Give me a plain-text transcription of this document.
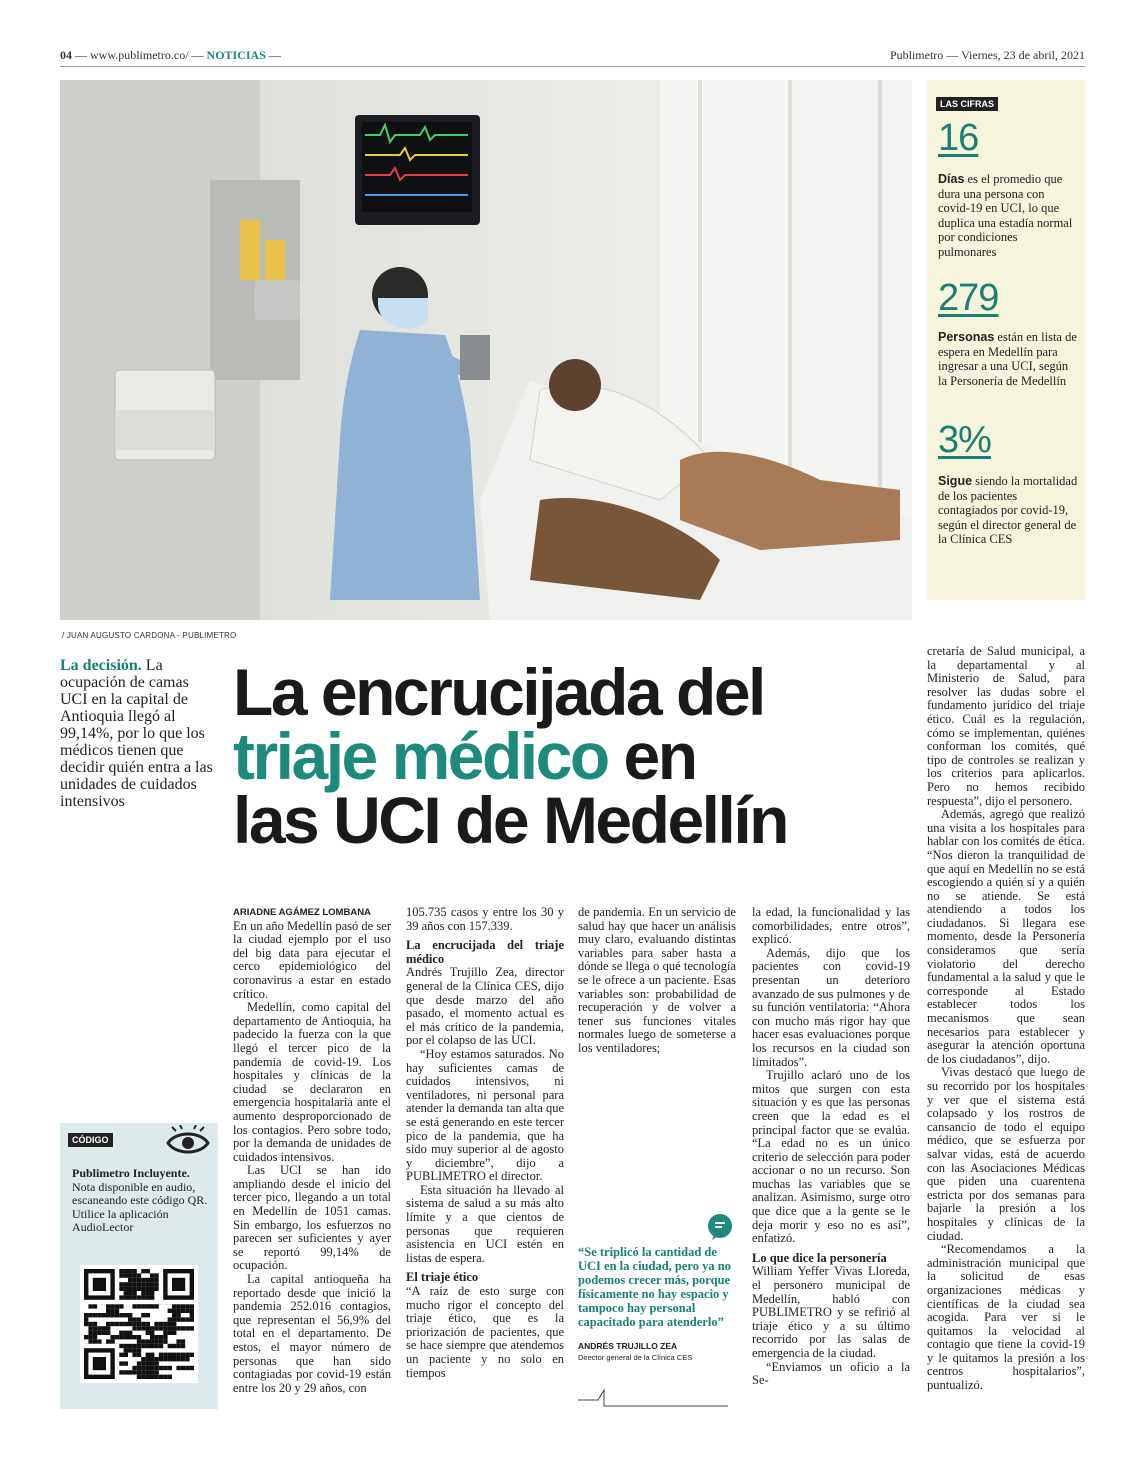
04 — www.publimetro.co/ — NOTICIAS —	Publimetro — Viernes, 23 de abril, 2021
/ JUAN AUGUSTO CARDONA - PUBLIMETRO
LAS CIFRAS
16
Días es el promedio que dura una persona con covid-19 en UCI, lo que duplica una estadía normal por condiciones pulmonares
279
Personas están en lista de espera en Medellín para ingresar a una UCI, según la Personería de Medellín
3%
Sigue siendo la mortalidad de los pacientes contagiados por covid-19, según el director general de la Clínica CES
La decisión. La ocupación de camas UCI en la capital de Antioquia llegó al 99,14%, por lo que los médicos tienen que decidir quién entra a las unidades de cuidados intensivos
La encrucijada del
triaje médico en
las UCI de Medellín
ARIADNE AGÁMEZ LOMBANA

En un año Medellín pasó de ser la ciudad ejemplo por el uso del big data para ejecutar el cerco epidemiológico del coronavirus a estar en estado crítico.

Medellín, como capital del departamento de Antioquia, ha padecido la fuerza con la que llegó el tercer pico de la pandemia de covid-19. Los hospitales y clínicas de la ciudad se declararon en emergencia hospitalaria ante el aumento desproporcionado de los contagios. Pero sobre todo, por la demanda de unidades de cuidados intensivos.

Las UCI se han ido ampliando desde el inicio del tercer pico, llegando a un total en Medellín de 1051 camas. Sin embargo, los esfuerzos no parecen ser suficientes y ayer se reportó 99,14% de ocupación.

La capital antioqueña ha reportado desde que inició la pandemia 252.016 contagios, que representan el 56,9% del total en el departamento. De estos, el mayor número de personas que han sido contagiadas por covid-19 están entre los 20 y 29 años, con

105.735 casos y entre los 30 y 39 años con 157.339.

La encrucijada del triaje médico

Andrés Trujillo Zea, director general de la Clínica CES, dijo que desde marzo del año pasado, el momento actual es el más crítico de la pandemia, por el colapso de las UCI.

“Hoy estamos saturados. No hay suficientes camas de cuidados intensivos, ni ventiladores, ni personal para atender la demanda tan alta que se está generando en este tercer pico de la pandemia, que ha sido muy superior al de agosto y diciembre”, dijo a PUBLIMETRO el director.

Esta situación ha llevado al sistema de salud a su más alto límite y a que cientos de personas que requieren asistencia en UCI estén en listas de espera.

El triaje ético

“A raíz de esto surge con mucho rigor el concepto del triaje ético, que es la priorización de pacientes, que se hace siempre que atendemos un paciente y no solo en tiempos

de pandemia. En un servicio de salud hay que hacer un análisis muy claro, evaluando distintas variables para saber hasta a dónde se llega o qué tecnología se le ofrece a un paciente. Esas variables son: probabilidad de recuperación y de volver a tener sus funciones vitales normales luego de someterse a los ventiladores;

“Se triplicó la cantidad de UCI en la ciudad, pero ya no podemos crecer más, porque físicamente no hay espacio y tampoco hay personal capacitado para atenderlo”
ANDRÉS TRUJILLO ZEA
Director general de la Clínica CES

la edad, la funcionalidad y las comorbilidades, entre otros”, explicó.

Además, dijo que los pacientes con covid-19 presentan un deterioro avanzado de sus pulmones y de su función ventilatoria: “Ahora con mucho más rigor hay que hacer esas evaluaciones porque los recursos en la ciudad son limitados”.

Trujillo aclaró uno de los mitos que surgen con esta situación y es que las personas creen que la edad es el principal factor que se evalúa. “La edad no es un único criterio de selección para poder accionar o no un recurso. Son muchas las variables que se analizan. Asimismo, surge otro que dice que a la gente se le deja morir y eso no es así”, enfatizó.

Lo que dice la personería

William Yeffer Vivas Lloreda, el personero municipal de Medellín, habló con PUBLIMETRO y se refirió al triaje ético y a su último recorrido por las salas de emergencia de la ciudad.

“Enviamos un oficio a la Se-

cretaría de Salud municipal, a la departamental y al Ministerio de Salud, para resolver las dudas sobre el fundamento jurídico del triaje ético. Cuál es la regulación, cómo se implementan, quiénes conforman los comités, qué tipo de controles se realizan y los criterios para aplicarlos. Pero no hemos recibido respuesta”, dijo el personero.

Además, agregó que realizó una visita a los hospitales para hablar con los comités de ética. “Nos dieron la tranquilidad de que aquí en Medellín no se está escogiendo a quién sí y a quién no se atiende. Se está atendiendo a todos los ciudadanos. Si llegara ese momento, desde la Personería consideramos que sería violatorio del derecho fundamental a la salud y que le corresponde al Estado establecer todos los mecanismos que sean necesarios para establecer y asegurar la atención oportuna de los ciudadanos”, dijo.

Vivas destacó que luego de su recorrido por los hospitales y ver que el sistema está colapsado y los rostros de cansancio de todo el equipo médico, que se esfuerza por salvar vidas, está de acuerdo con las Asociaciones Médicas que piden una cuarentena estricta por dos semanas para bajarle la presión a los hospitales y clínicas de la ciudad.

“Recomendamos a la administración municipal que la solicitud de esas organizaciones médicas y científicas de la ciudad sea acogida. Para ver si le quitamos la velocidad al contagio que tiene la covid-19 y le quitamos la presión a los centros hospitalarios”, puntualizó.

CÓDIGO
Publimetro Incluyente. Nota disponible en audio, escaneando este código QR. Utilice la aplicación AudioLector
